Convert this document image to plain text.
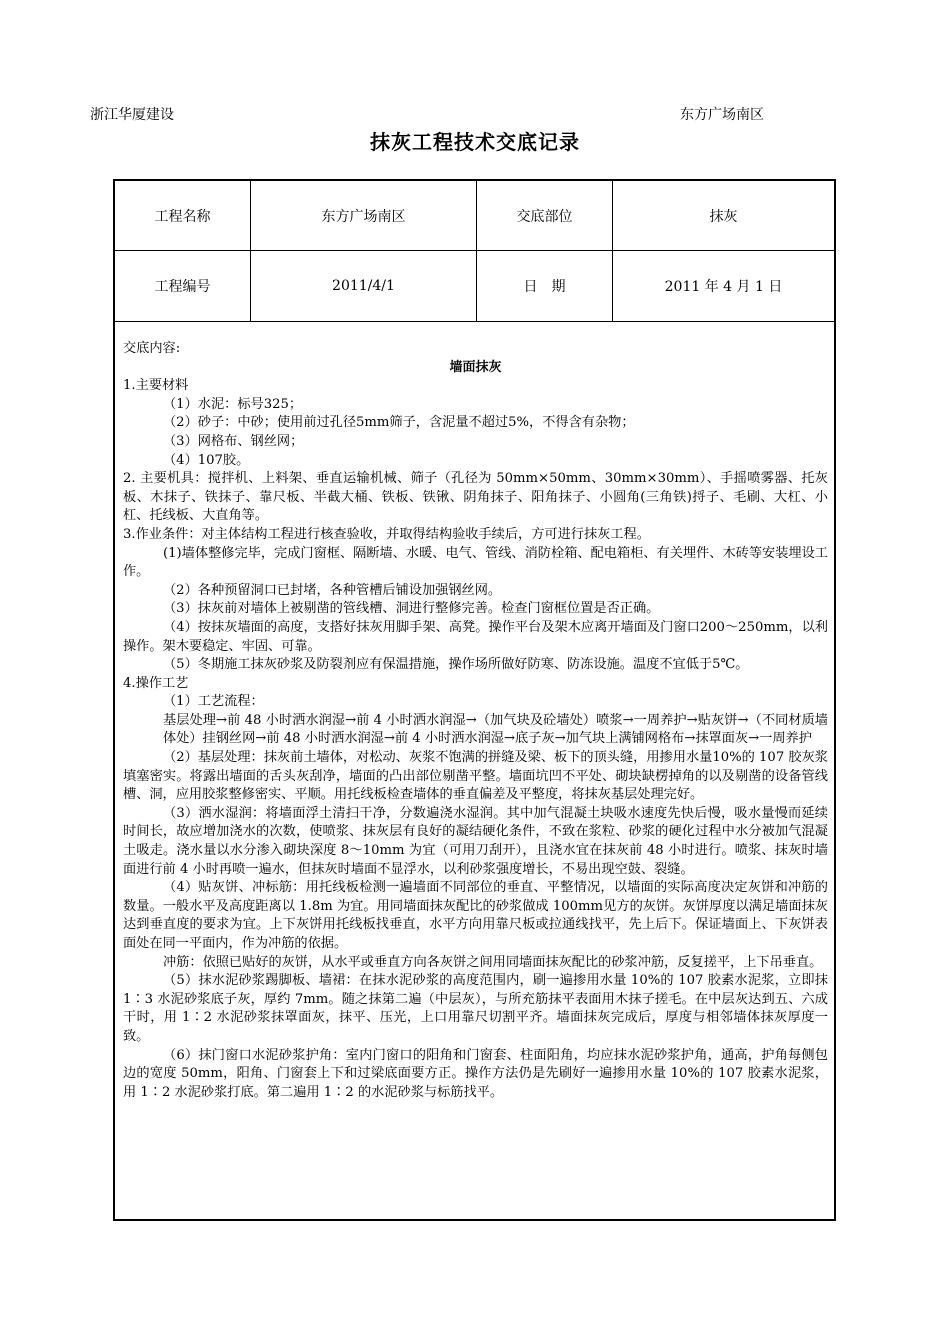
浙江华厦建设	东方广场南区
抹灰工程技术交底记录
工程名称	东方广场南区	交底部位	抹灰
工程编号	2011/4/1	日　期	2011 年 4 月 1 日

交底内容:

墙面抹灰

1.主要材料

（1）水泥：标号325；

（2）砂子：中砂；使用前过孔径5mm筛子，含泥量不超过5%，不得含有杂物；

（3）网格布、钢丝网；

（4）107胶。

2. 主要机具：搅拌机、上料架、垂直运输机械、筛子（孔径为 50mm×50mm、30mm×30mm）、手摇喷雾器、托灰板、木抹子、铁抹子、靠尺板、半截大桶、铁板、铁锹、阴角抹子、阳角抹子、小圆角(三角铁)捋子、毛刷、大杠、小杠、托线板、大直角等。

3.作业条件：对主体结构工程进行核查验收，并取得结构验收手续后，方可进行抹灰工程。

(1)墙体整修完毕，完成门窗框、隔断墙、水暖、电气、管线、消防栓箱、配电箱柜、有关埋件、木砖等安装埋设工作。

（2）各种预留洞口已封堵，各种管槽后铺设加强钢丝网。

（3）抹灰前对墙体上被剔凿的管线槽、洞进行整修完善。检查门窗框位置是否正确。

（4）按抹灰墙面的高度，支搭好抹灰用脚手架、高凳。操作平台及架木应离开墙面及门窗口200～250mm，以利操作。架木要稳定、牢固、可靠。

（5）冬期施工抹灰砂浆及防裂剂应有保温措施，操作场所做好防寒、防冻设施。温度不宜低于5℃。

4.操作工艺

（1）工艺流程：

基层处理→前 48 小时洒水润湿→前 4 小时洒水润湿→（加气块及砼墙处）喷浆→一周养护→贴灰饼→（不同材质墙体处）挂钢丝网→前 48 小时洒水润湿→前 4 小时洒水润湿→底子灰→加气块上满铺网格布→抹罩面灰→一周养护

（2）基层处理：抹灰前土墙体，对松动、灰浆不饱满的拼缝及梁、板下的顶头缝，用掺用水量10%的 107 胶灰浆填塞密实。将露出墙面的舌头灰刮净，墙面的凸出部位剔凿平整。墙面坑凹不平处、砌块缺楞掉角的以及剔凿的设备管线槽、洞，应用胶浆整修密实、平顺。用托线板检查墙体的垂直偏差及平整度，将抹灰基层处理完好。

（3）洒水湿润：将墙面浮土清扫干净，分数遍浇水湿润。其中加气混凝土块吸水速度先快后慢，吸水量慢而延续时间长，故应增加浇水的次数，使喷浆、抹灰层有良好的凝结硬化条件，不致在浆粒、砂浆的硬化过程中水分被加气混凝土吸走。浇水量以水分渗入砌块深度 8～10mm 为宜（可用刀刮开），且浇水宜在抹灰前 48 小时进行。喷浆、抹灰时墙面进行前 4 小时再喷一遍水，但抹灰时墙面不显浮水，以利砂浆强度增长，不易出现空鼓、裂缝。

（4）贴灰饼、冲标筋：用托线板检测一遍墙面不同部位的垂直、平整情况，以墙面的实际高度决定灰饼和冲筋的数量。一般水平及高度距离以 1.8m 为宜。用同墙面抹灰配比的砂浆做成 100mm见方的灰饼。灰饼厚度以满足墙面抹灰达到垂直度的要求为宜。上下灰饼用托线板找垂直，水平方向用靠尺板或拉通线找平，先上后下。保证墙面上、下灰饼表面处在同一平面内，作为冲筋的依据。

冲筋：依照已贴好的灰饼，从水平或垂直方向各灰饼之间用同墙面抹灰配比的砂浆冲筋，反复搓平，上下吊垂直。

（5）抹水泥砂浆踢脚板、墙裙：在抹水泥砂浆的高度范围内，刷一遍掺用水量 10%的 107 胶素水泥浆，立即抹 1∶3 水泥砂浆底子灰，厚约 7mm。随之抹第二遍（中层灰），与所充筋抹平表面用木抹子搓毛。在中层灰达到五、六成干时，用 1∶2 水泥砂浆抹罩面灰，抹平、压光，上口用靠尺切割平齐。墙面抹灰完成后，厚度与相邻墙体抹灰厚度一致。

（6）抹门窗口水泥砂浆护角：室内门窗口的阳角和门窗套、柱面阳角，均应抹水泥砂浆护角，通高，护角每侧包边的宽度 50mm，阳角、门窗套上下和过梁底面要方正。操作方法仍是先刷好一遍掺用水量 10%的 107 胶素水泥浆，用 1∶2 水泥砂浆打底。第二遍用 1∶2 的水泥砂浆与标筋找平。
